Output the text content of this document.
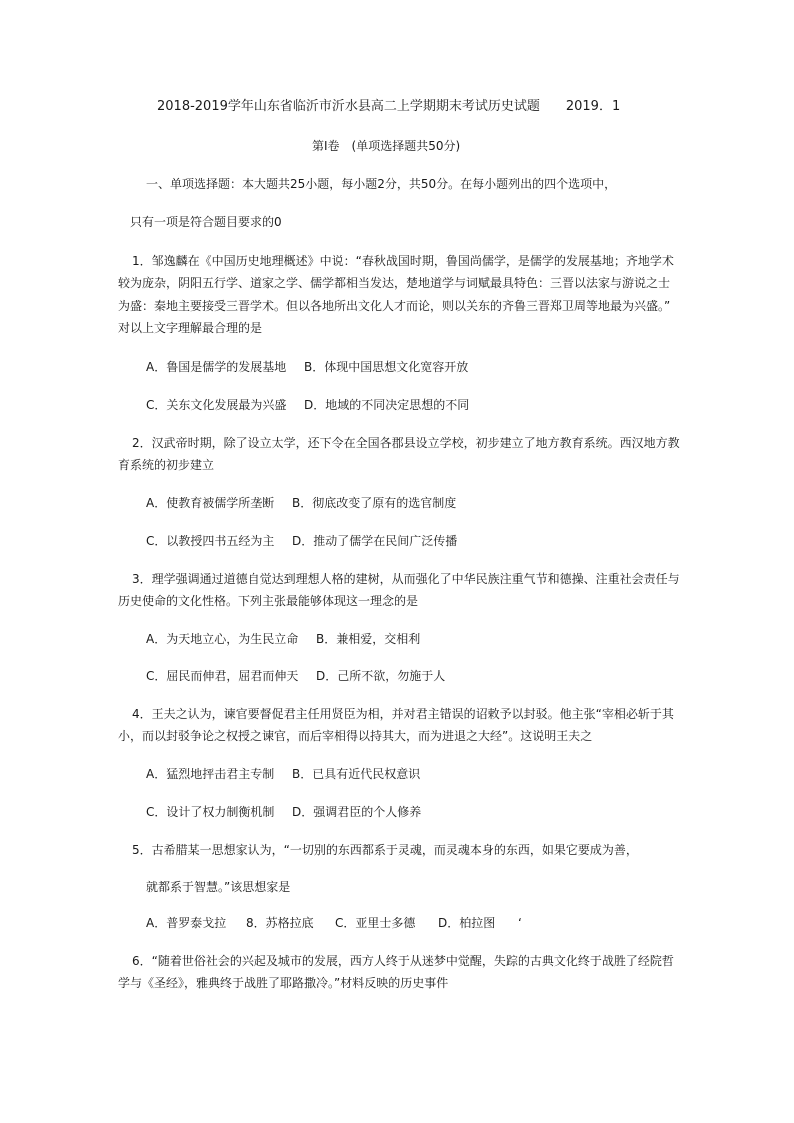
2018-2019学年山东省临沂市沂水县高二上学期期末考试历史试题　　2019．1
第Ⅰ卷　(单项选择题共50分)
一、单项选择题：本大题共25小题，每小题2分，共50分。在每小题列出的四个选项中，
只有一项是符合题目要求的0
1．邹逸麟在《中国历史地理概述》中说：“春秋战国时期，鲁国尚儒学，是儒学的发展基地；齐地学术
较为庞杂，阴阳五行学、道家之学、儒学都相当发达，楚地道学与词赋最具特色：三晋以法家与游说之士
为盛：秦地主要接受三晋学术。但以各地所出文化人才而论，则以关东的齐鲁三晋郑卫周等地最为兴盛。”
对以上文字理解最合理的是
A．鲁国是儒学的发展基地 B．体现中国思想文化宽容开放
C．关东文化发展最为兴盛 D．地域的不同决定思想的不同
2．汉武帝时期，除了设立太学，还下令在全国各郡县设立学校，初步建立了地方教育系统。西汉地方教
育系统的初步建立
A．使教育被儒学所垄断 B．彻底改变了原有的选官制度
C．以教授四书五经为主 D．推动了儒学在民间广泛传播
3．理学强调通过道德自觉达到理想人格的建树，从而强化了中华民族注重气节和德操、注重社会责任与
历史使命的文化性格。下列主张最能够体现这一理念的是
A．为天地立心，为生民立命 B．兼相爱，交相利
C．屈民而伸君，屈君而伸天 D．己所不欲，勿施于人
4．王夫之认为，谏官要督促君主任用贤臣为相，并对君主错误的诏敕予以封驳。他主张“宰相必斩于其
小，而以封驳争论之权授之谏官，而后宰相得以持其大，而为进退之大经”。这说明王夫之
A．猛烈地抨击君主专制 B．已具有近代民权意识
C．设计了权力制衡机制 D．强调君臣的个人修养
5．古希腊某一思想家认为，“一切别的东西都系于灵魂，而灵魂本身的东西，如果它要成为善，
就都系于智慧。”该思想家是
A．普罗泰戈拉 8．苏格拉底 C．亚里士多德 D．柏拉图 ‘
6．“随着世俗社会的兴起及城市的发展，西方人终于从迷梦中觉醒，失踪的古典文化终于战胜了经院哲
学与《圣经》，雅典终于战胜了耶路撒冷。”材料反映的历史事件
